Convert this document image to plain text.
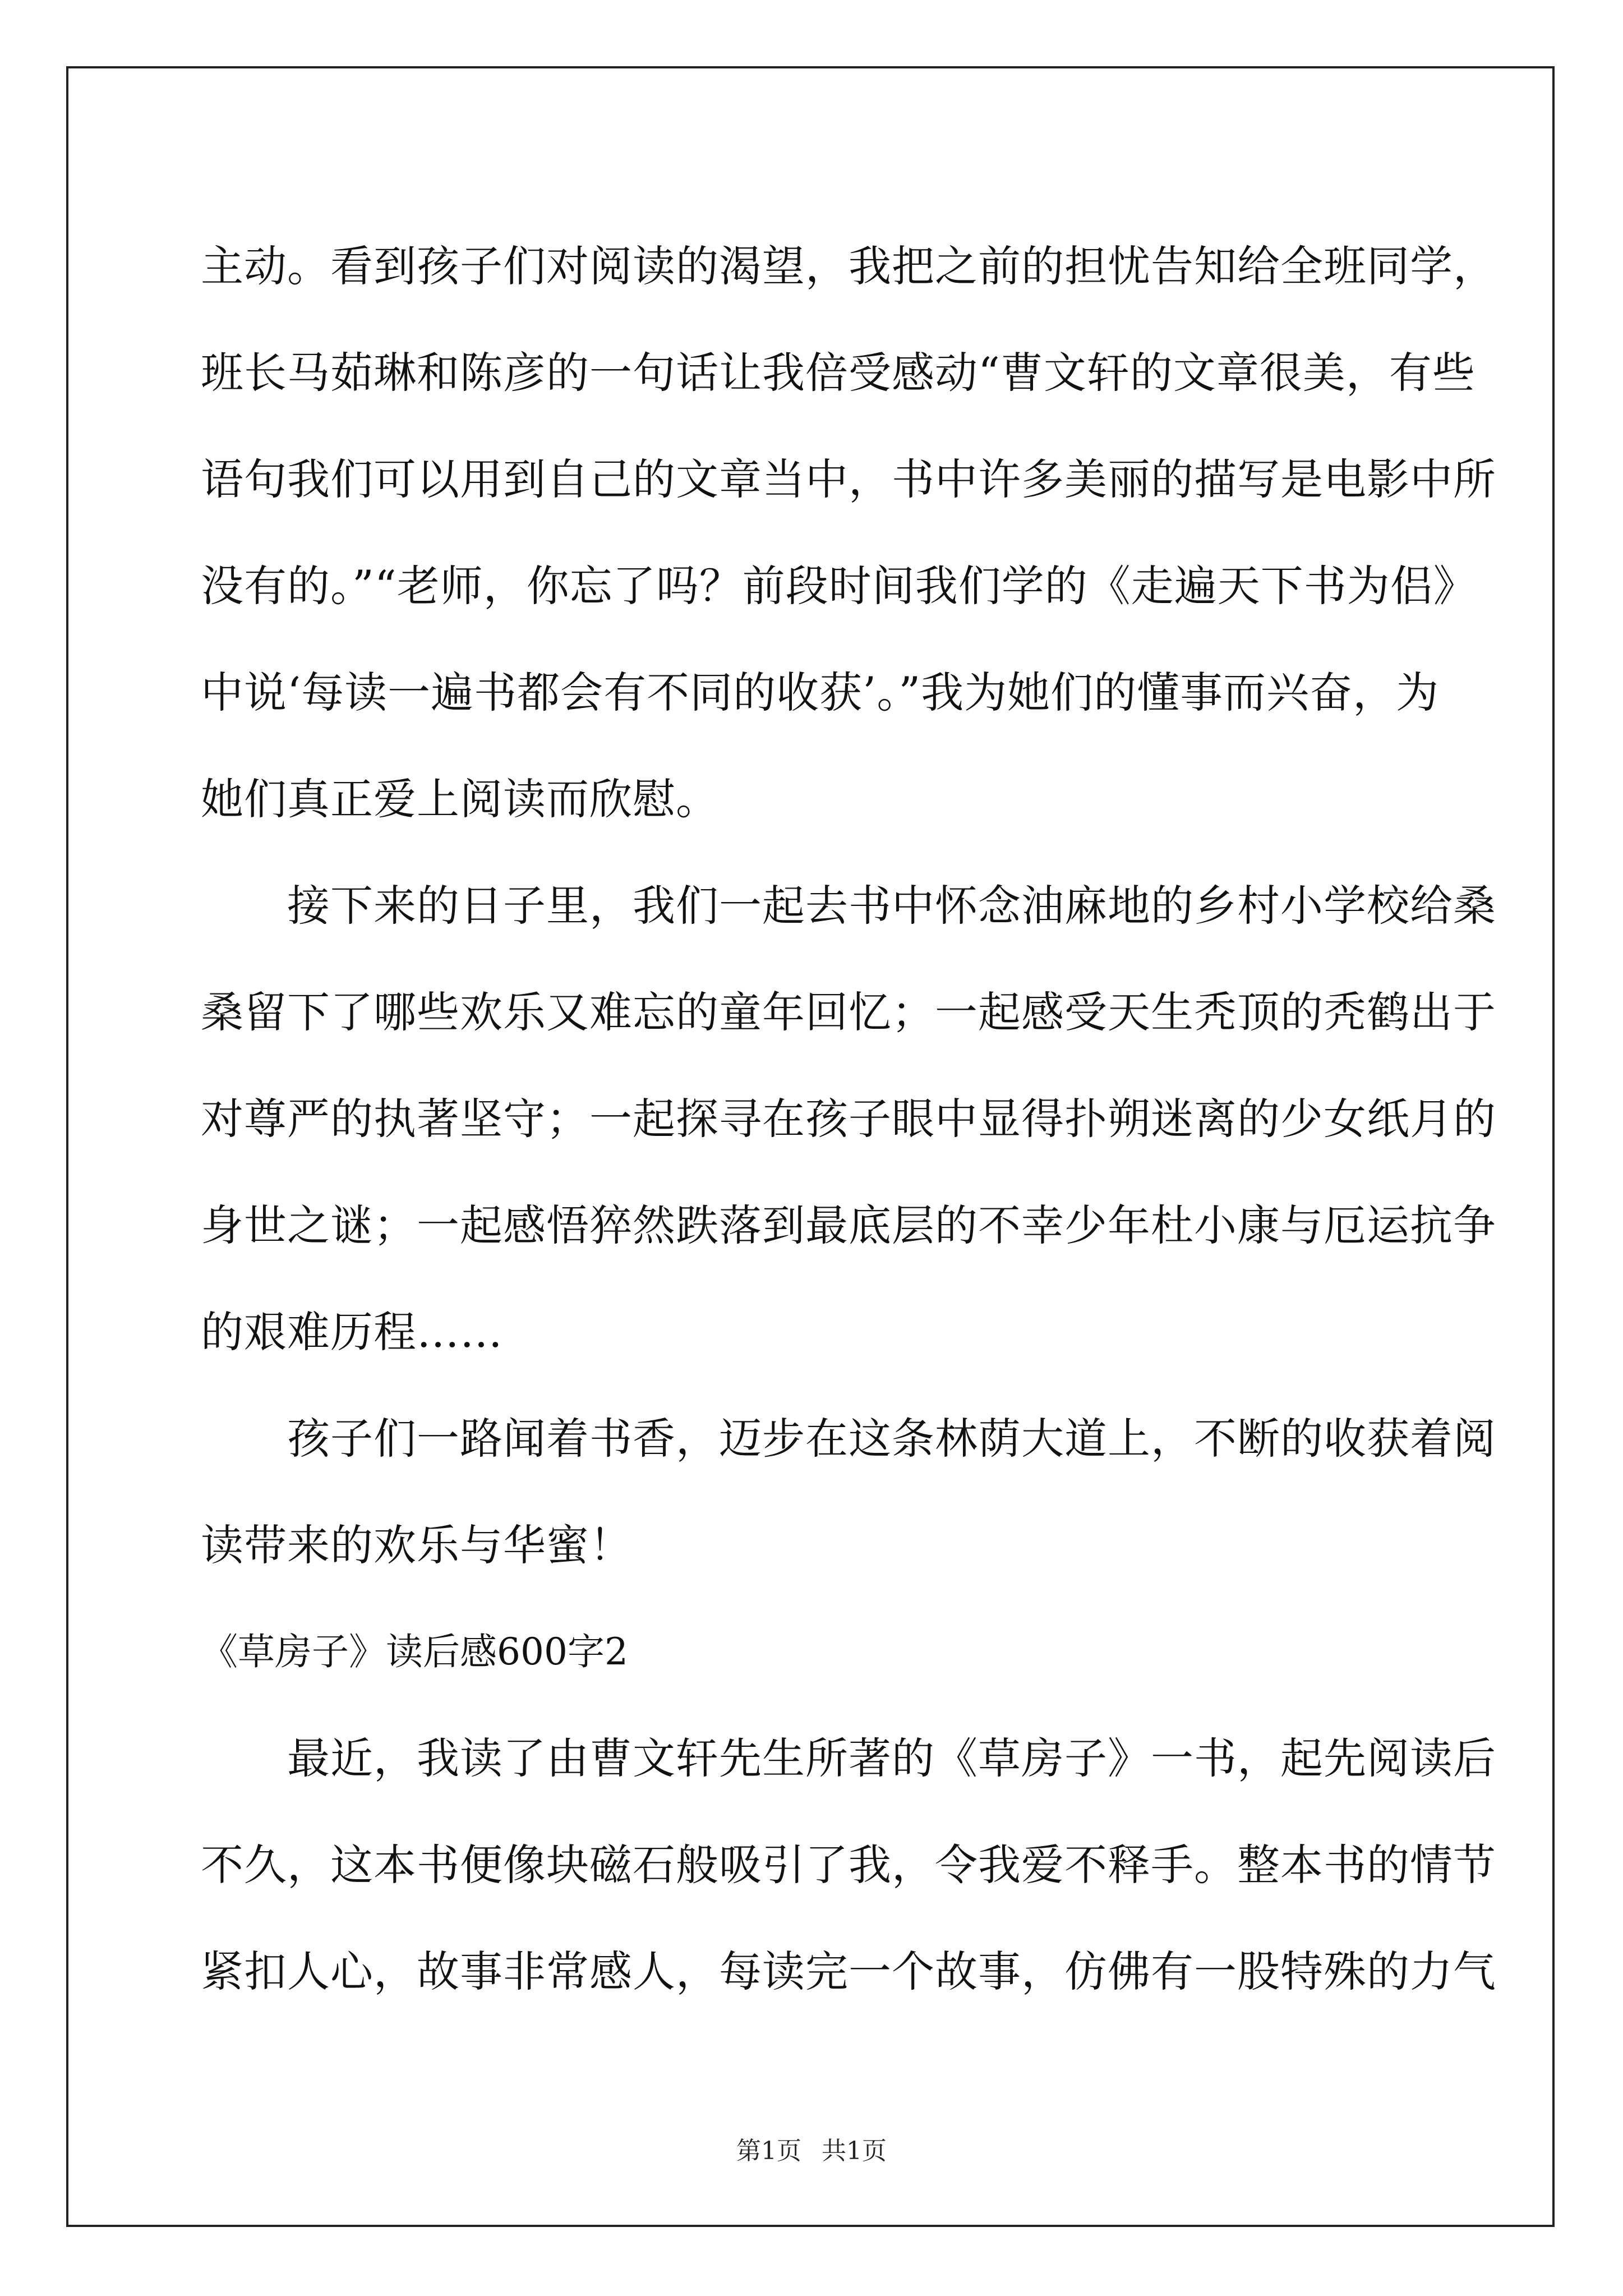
主动。看到孩子们对阅读的渴望，我把之前的担忧告知给全班同学，
班长马茹琳和陈彦的一句话让我倍受感动“曹文轩的文章很美，有些
语句我们可以用到自己的文章当中，书中许多美丽的描写是电影中所
没有的。”“老师，你忘了吗？前段时间我们学的《走遍天下书为侣》
中说‘每读一遍书都会有不同的收获’。”我为她们的懂事而兴奋，为
她们真正爱上阅读而欣慰。
　　接下来的日子里，我们一起去书中怀念油麻地的乡村小学校给桑
桑留下了哪些欢乐又难忘的童年回忆；一起感受天生秃顶的秃鹤出于
对尊严的执著坚守；一起探寻在孩子眼中显得扑朔迷离的少女纸月的
身世之谜；一起感悟猝然跌落到最底层的不幸少年杜小康与厄运抗争
的艰难历程……
　　孩子们一路闻着书香，迈步在这条林荫大道上，不断的收获着阅
读带来的欢乐与华蜜！
《草房子》读后感600字2
　　最近，我读了由曹文轩先生所著的《草房子》一书，起先阅读后
不久，这本书便像块磁石般吸引了我，令我爱不释手。整本书的情节
紧扣人心，故事非常感人，每读完一个故事，仿佛有一股特殊的力气
第1页 共1页
